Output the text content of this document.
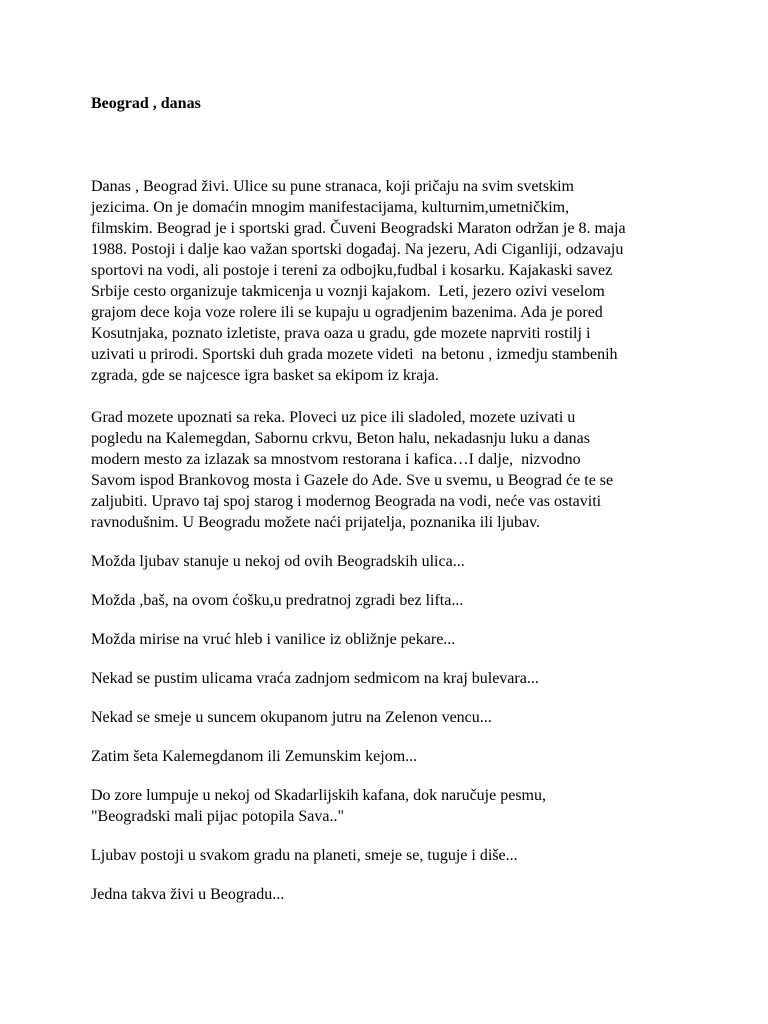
Beograd , danas

Danas , Beograd živi. Ulice su pune stranaca, koji pričaju na svim svetskim
jezicima. On je domaćin mnogim manifestacijama, kulturnim,umetničkim,
filmskim. Beograd je i sportski grad. Čuveni Beogradski Maraton održan je 8. maja
1988. Postoji i dalje kao važan sportski događaj. Na jezeru, Adi Ciganliji, odzavaju
sportovi na vodi, ali postoje i tereni za odbojku,fudbal i kosarku. Kajakaski savez
Srbije cesto organizuje takmicenja u voznji kajakom.  Leti, jezero ozivi veselom
grajom dece koja voze rolere ili se kupaju u ogradjenim bazenima. Ada je pored
Kosutnjaka, poznato izletiste, prava oaza u gradu, gde mozete naprviti rostilj i
uzivati u prirodi. Sportski duh grada mozete videti  na betonu , izmedju stambenih
zgrada, gde se najcesce igra basket sa ekipom iz kraja.

Grad mozete upoznati sa reka. Plovеci uz pice ili sladoled, mozete uzivati u
pogledu na Kalemegdan, Sabornu crkvu, Beton halu, nekadasnju luku a danas
modern mesto za izlazak sa mnostvom restorana i kafica…I dalje,  nizvodno
Savom ispod Brankovog mosta i Gazele do Ade. Sve u svemu, u Beograd će te se
zaljubiti. Upravo taj spoj starog i modernog Beograda na vodi, neće vas ostaviti
ravnodušnim. U Beogradu možete naći prijatelja, poznanika ili ljubav.

Možda ljubav stanuje u nekoj od ovih Beogradskih ulica...

Možda ,baš, na ovom ćošku,u predratnoj zgradi bez lifta...

Možda mirise na vruć hleb i vanilice iz obližnje pekare...

Nekad se pustim ulicama vraća zadnjom sedmicom na kraj bulevara...

Nekad se smeje u suncem okupanom jutru na Zelenon vencu...

Zatim šeta Kalemegdanom ili Zemunskim kejom...

Do zore lumpuje u nekoj od Skadarlijskih kafana, dok naručuje pesmu,
"Beogradski mali pijac potopila Sava.."

Ljubav postoji u svakom gradu na planeti, smeje se, tuguje i diše...

Jedna takva živi u Beogradu...
